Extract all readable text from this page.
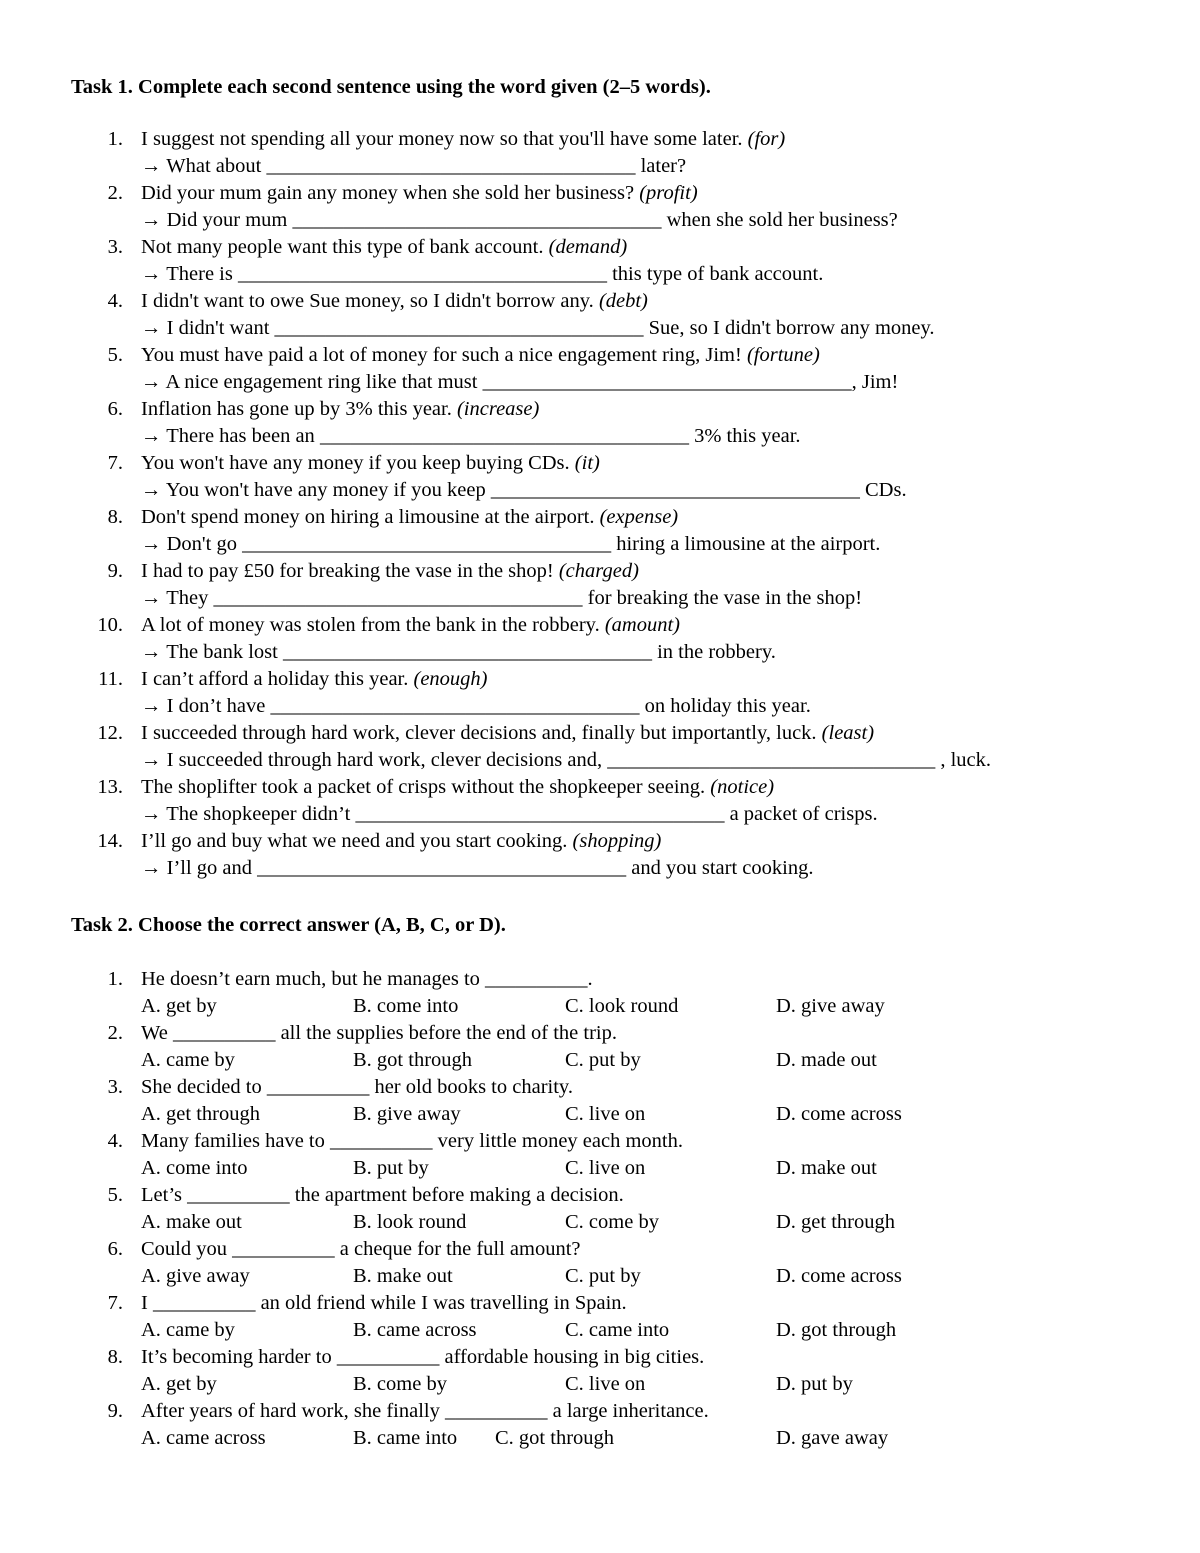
Task 1. Complete each second sentence using the word given (2–5 words).
1. I suggest not spending all your money now so that you'll have some later. (for)

→ What about ____________________________________ later?

2. Did your mum gain any money when she sold her business? (profit)

→ Did your mum ____________________________________ when she sold her business?

3. Not many people want this type of bank account. (demand)

→ There is ____________________________________ this type of bank account.

4. I didn't want to owe Sue money, so I didn't borrow any. (debt)

→ I didn't want ____________________________________ Sue, so I didn't borrow any money.

5. You must have paid a lot of money for such a nice engagement ring, Jim! (fortune)

→ A nice engagement ring like that must ____________________________________, Jim!

6. Inflation has gone up by 3% this year. (increase)

→ There has been an ____________________________________ 3% this year.

7. You won't have any money if you keep buying CDs. (it)

→ You won't have any money if you keep ____________________________________ CDs.

8. Don't spend money on hiring a limousine at the airport. (expense)

→ Don't go ____________________________________ hiring a limousine at the airport.

9. I had to pay £50 for breaking the vase in the shop! (charged)

→ They ____________________________________ for breaking the vase in the shop!

10. A lot of money was stolen from the bank in the robbery. (amount)

→ The bank lost ____________________________________ in the robbery.

11. I can’t afford a holiday this year. (enough)

→ I don’t have ____________________________________ on holiday this year.

12. I succeeded through hard work, clever decisions and, finally but importantly, luck. (least)

→ I succeeded through hard work, clever decisions and, ________________________________ , luck.

13. The shoplifter took a packet of crisps without the shopkeeper seeing. (notice)

→ The shopkeeper didn’t ____________________________________ a packet of crisps.

14. I’ll go and buy what we need and you start cooking. (shopping)

→ I’ll go and ____________________________________ and you start cooking.

Task 2. Choose the correct answer (A, B, C, or D).
1. He doesn’t earn much, but he manages to __________.

A. get by	B. come into	C. look round	D. give away
2. We __________ all the supplies before the end of the trip.

A. came by	B. got through	C. put by	D. made out
3. She decided to __________ her old books to charity.

A. get through	B. give away	C. live on	D. come across
4. Many families have to __________ very little money each month.

A. come into	B. put by	C. live on	D. make out
5. Let’s __________ the apartment before making a decision.

A. make out	B. look round	C. come by	D. get through
6. Could you __________ a cheque for the full amount?

A. give away	B. make out	C. put by	D. come across
7. I __________ an old friend while I was travelling in Spain.

A. came by	B. came across	C. came into	D. got through
8. It’s becoming harder to __________ affordable housing in big cities.

A. get by	B. come by	C. live on	D. put by
9. After years of hard work, she finally __________ a large inheritance.

A. came across	B. came into C. got through	D. gave away
